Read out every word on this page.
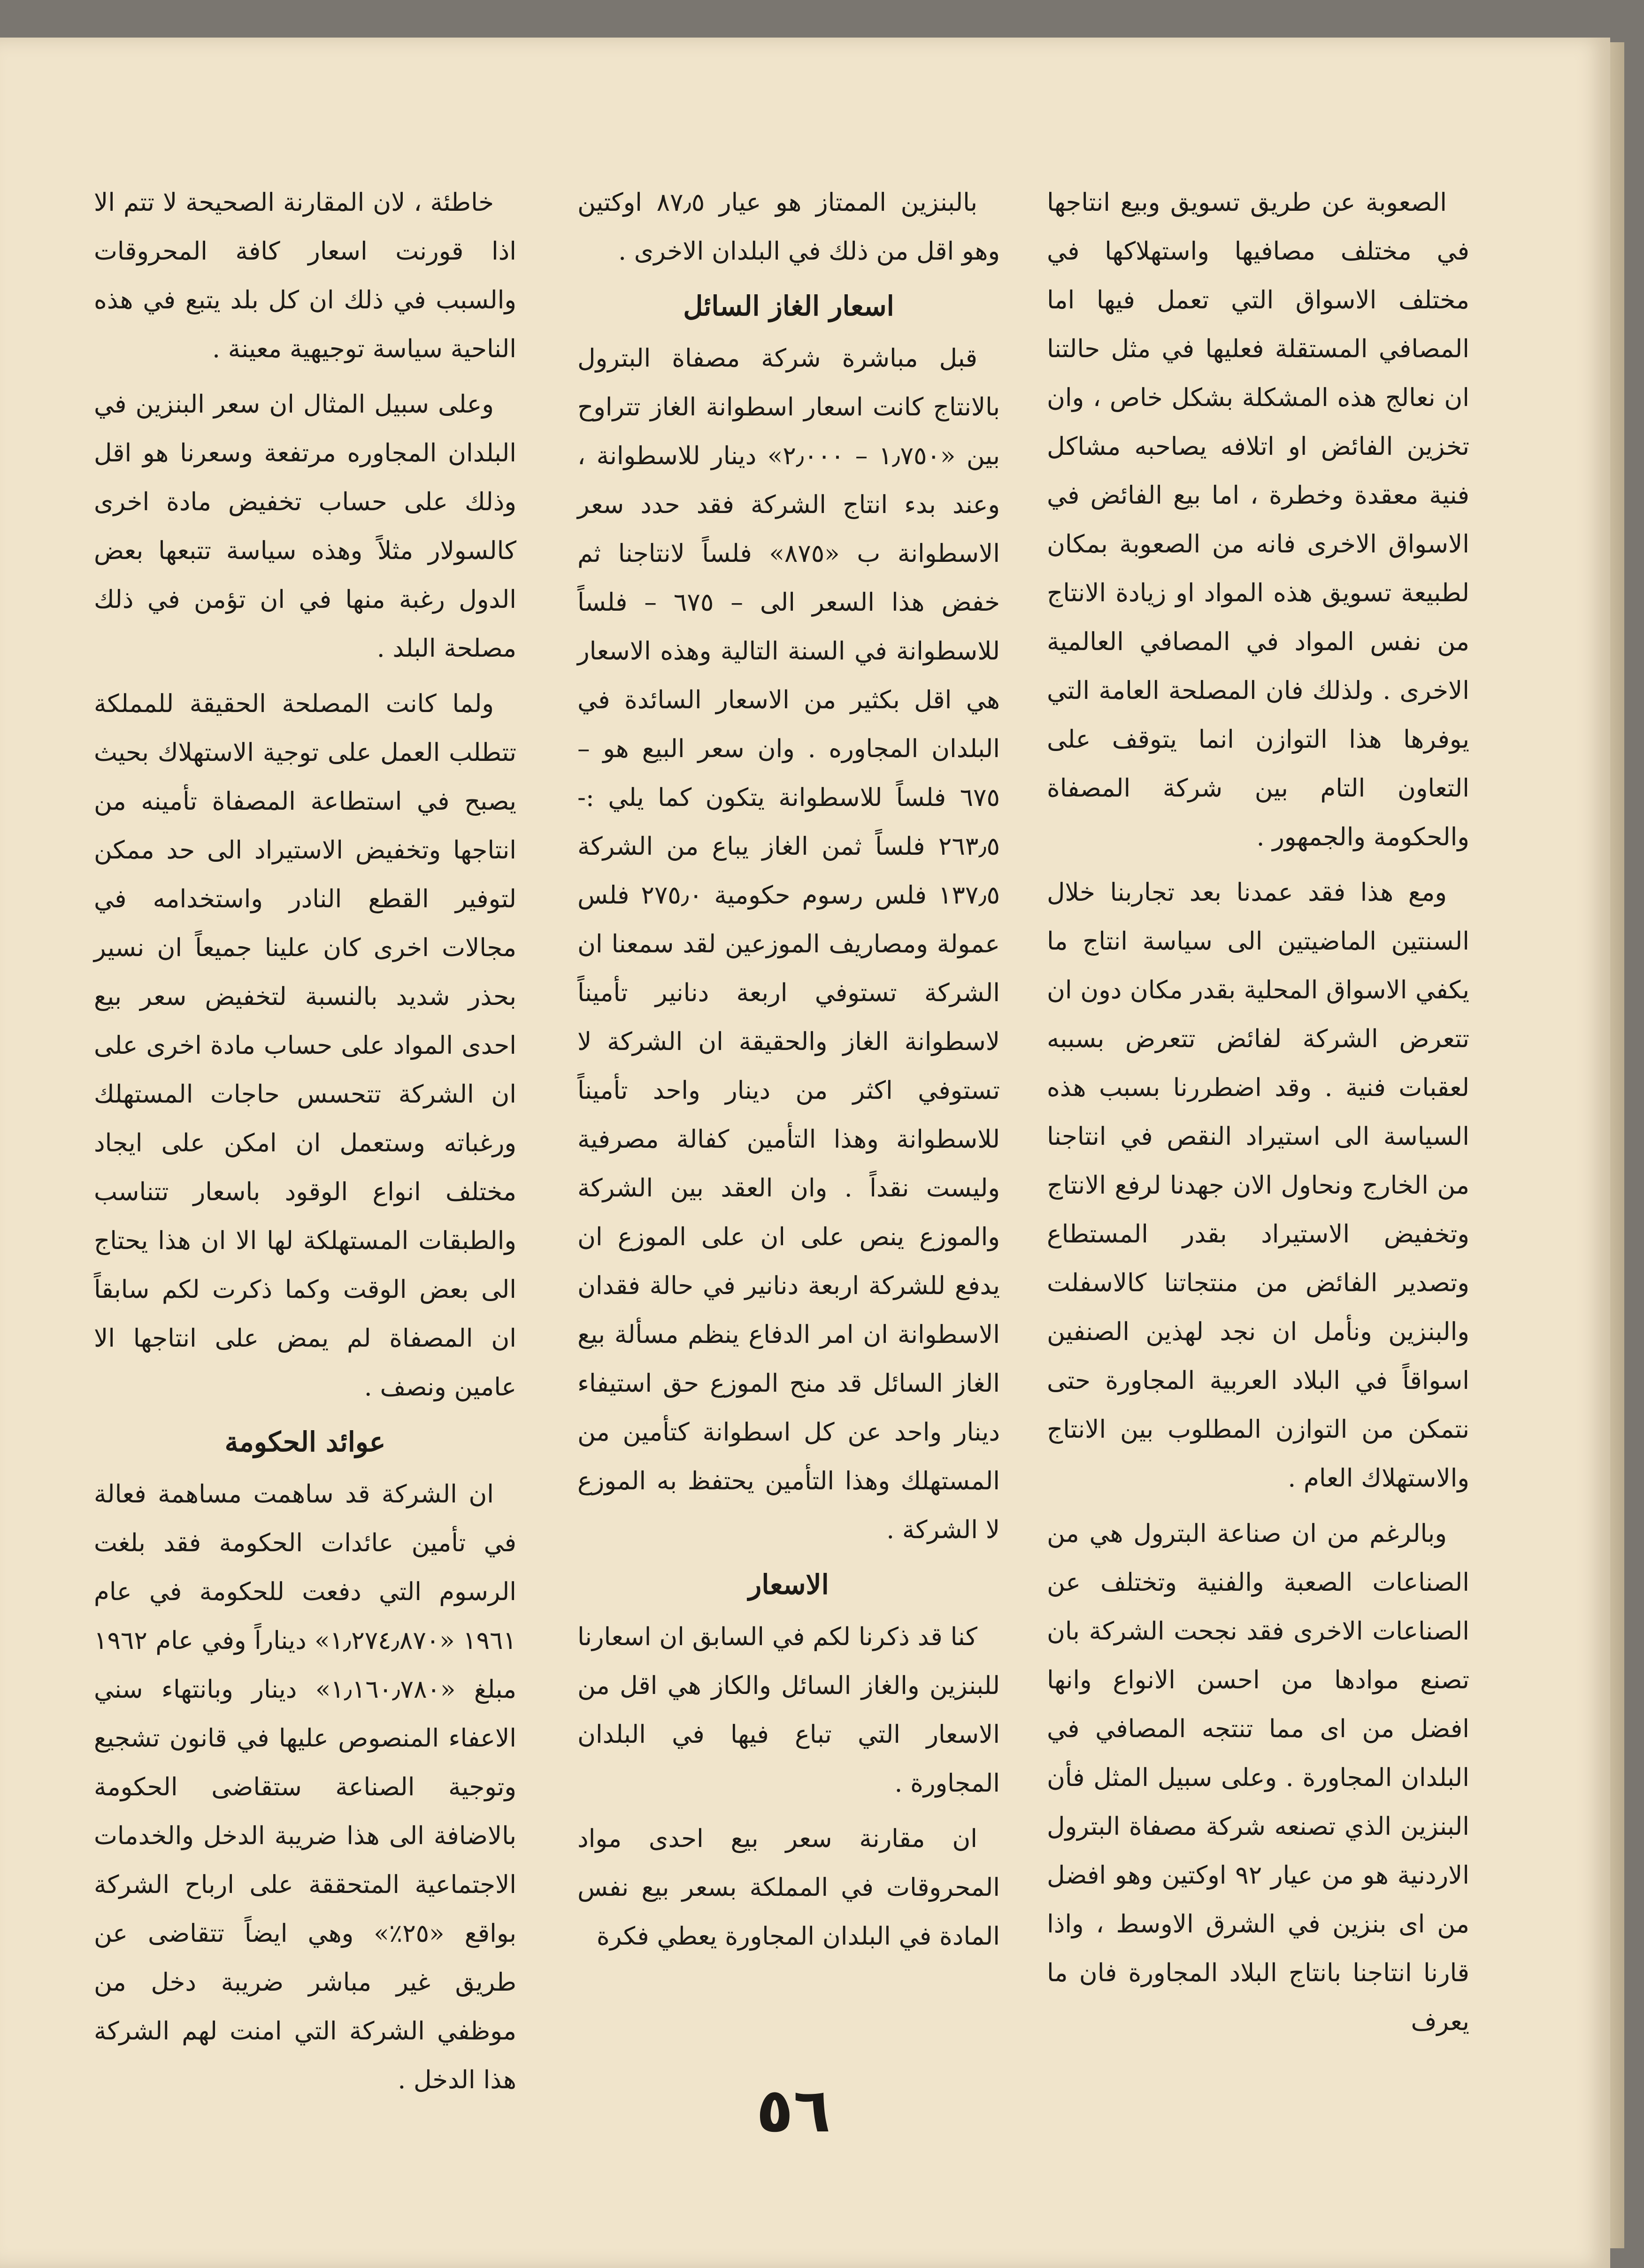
الصعوبة عن طريق تسويق وبيع انتاجها في مختلف مصافيها واستهلاكها في مختلف الاسواق التي تعمل فيها اما المصافي المستقلة فعليها في مثل حالتنا ان نعالج هذه المشكلة بشكل خاص ، وان تخزين الفائض او اتلافه يصاحبه مشاكل فنية معقدة وخطرة ، اما بيع الفائض في الاسواق الاخرى فانه من الصعوبة بمكان لطبيعة تسويق هذه المواد او زيادة الانتاج من نفس المواد في المصافي العالمية الاخرى . ولذلك فان المصلحة العامة التي يوفرها هذا التوازن انما يتوقف على التعاون التام بين شركة المصفاة والحكومة والجمهور .

ومع هذا فقد عمدنا بعد تجاربنا خلال السنتين الماضيتين الى سياسة انتاج ما يكفي الاسواق المحلية بقدر مكان دون ان تتعرض الشركة لفائض تتعرض بسببه لعقبات فنية . وقد اضطررنا بسبب هذه السياسة الى استيراد النقص في انتاجنا من الخارج ونحاول الان جهدنا لرفع الانتاج وتخفيض الاستيراد بقدر المستطاع وتصدير الفائض من منتجاتنا كالاسفلت والبنزين ونأمل ان نجد لهذين الصنفين اسواقاً في البلاد العربية المجاورة حتى نتمكن من التوازن المطلوب بين الانتاج والاستهلاك العام .

وبالرغم من ان صناعة البترول هي من الصناعات الصعبة والفنية وتختلف عن الصناعات الاخرى فقد نجحت الشركة بان تصنع موادها من احسن الانواع وانها افضل من اى مما تنتجه المصافي في البلدان المجاورة . وعلى سبيل المثل فأن البنزين الذي تصنعه شركة مصفاة البترول الاردنية هو من عيار ٩٢ اوكتين وهو افضل من اى بنزين في الشرق الاوسط ، واذا قارنا انتاجنا بانتاج البلاد المجاورة فان ما يعرف

بالبنزين الممتاز هو عيار ٨٧٫٥ اوكتين وهو اقل من ذلك في البلدان الاخرى .

اسعار الغاز السائل

قبل مباشرة شركة مصفاة البترول بالانتاج كانت اسعار اسطوانة الغاز تتراوح بين «١٫٧٥٠ – ٢٫٠٠٠» دينار للاسطوانة ، وعند بدء انتاج الشركة فقد حدد سعر الاسطوانة ب «٨٧٥» فلساً لانتاجنا ثم خفض هذا السعر الى – ٦٧٥ – فلساً للاسطوانة في السنة التالية وهذه الاسعار هي اقل بكثير من الاسعار السائدة في البلدان المجاوره . وان سعر البيع هو – ٦٧٥ فلساً للاسطوانة يتكون كما يلي :- ٢٦٣٫٥ فلساً ثمن الغاز يباع من الشركة ١٣٧٫٥ فلس رسوم حكومية ٢٧٥٫٠ فلس عمولة ومصاريف الموزعين لقد سمعنا ان الشركة تستوفي اربعة دنانير تأميناً لاسطوانة الغاز والحقيقة ان الشركة لا تستوفي اكثر من دينار واحد تأميناً للاسطوانة وهذا التأمين كفالة مصرفية وليست نقداً . وان العقد بين الشركة والموزع ينص على ان على الموزع ان يدفع للشركة اربعة دنانير في حالة فقدان الاسطوانة ان امر الدفاع ينظم مسألة بيع الغاز السائل قد منح الموزع حق استيفاء دينار واحد عن كل اسطوانة كتأمين من المستهلك وهذا التأمين يحتفظ به الموزع لا الشركة .

الاسعار

كنا قد ذكرنا لكم في السابق ان اسعارنا للبنزين والغاز السائل والكاز هي اقل من الاسعار التي تباع فيها في البلدان المجاورة .

ان مقارنة سعر بيع احدى مواد المحروقات في المملكة بسعر بيع نفس المادة في البلدان المجاورة يعطي فكرة

خاطئة ، لان المقارنة الصحيحة لا تتم الا اذا قورنت اسعار كافة المحروقات والسبب في ذلك ان كل بلد يتبع في هذه الناحية سياسة توجيهية معينة .

وعلى سبيل المثال ان سعر البنزين في البلدان المجاوره مرتفعة وسعرنا هو اقل وذلك على حساب تخفيض مادة اخرى كالسولار مثلاً وهذه سياسة تتبعها بعض الدول رغبة منها في ان تؤمن في ذلك مصلحة البلد .

ولما كانت المصلحة الحقيقة للمملكة تتطلب العمل على توجية الاستهلاك بحيث يصبح في استطاعة المصفاة تأمينه من انتاجها وتخفيض الاستيراد الى حد ممكن لتوفير القطع النادر واستخدامه في مجالات اخرى كان علينا جميعاً ان نسير بحذر شديد بالنسبة لتخفيض سعر بيع احدى المواد على حساب مادة اخرى على ان الشركة تتحسس حاجات المستهلك ورغباته وستعمل ان امكن على ايجاد مختلف انواع الوقود باسعار تتناسب والطبقات المستهلكة لها الا ان هذا يحتاج الى بعض الوقت وكما ذكرت لكم سابقاً ان المصفاة لم يمض على انتاجها الا عامين ونصف .

عوائد الحكومة

ان الشركة قد ساهمت مساهمة فعالة في تأمين عائدات الحكومة فقد بلغت الرسوم التي دفعت للحكومة في عام ١٩٦١ «١٫٢٧٤٫٨٧٠» ديناراً وفي عام ١٩٦٢ مبلغ «١٫١٦٠٫٧٨٠» دينار وبانتهاء سني الاعفاء المنصوص عليها في قانون تشجيع وتوجية الصناعة ستقاضى الحكومة بالاضافة الى هذا ضريبة الدخل والخدمات الاجتماعية المتحققة على ارباح الشركة بواقع «٢٥٪» وهي ايضاً تتقاضى عن طريق غير مباشر ضريبة دخل من موظفي الشركة التي امنت لهم الشركة هذا الدخل .	٥٦
